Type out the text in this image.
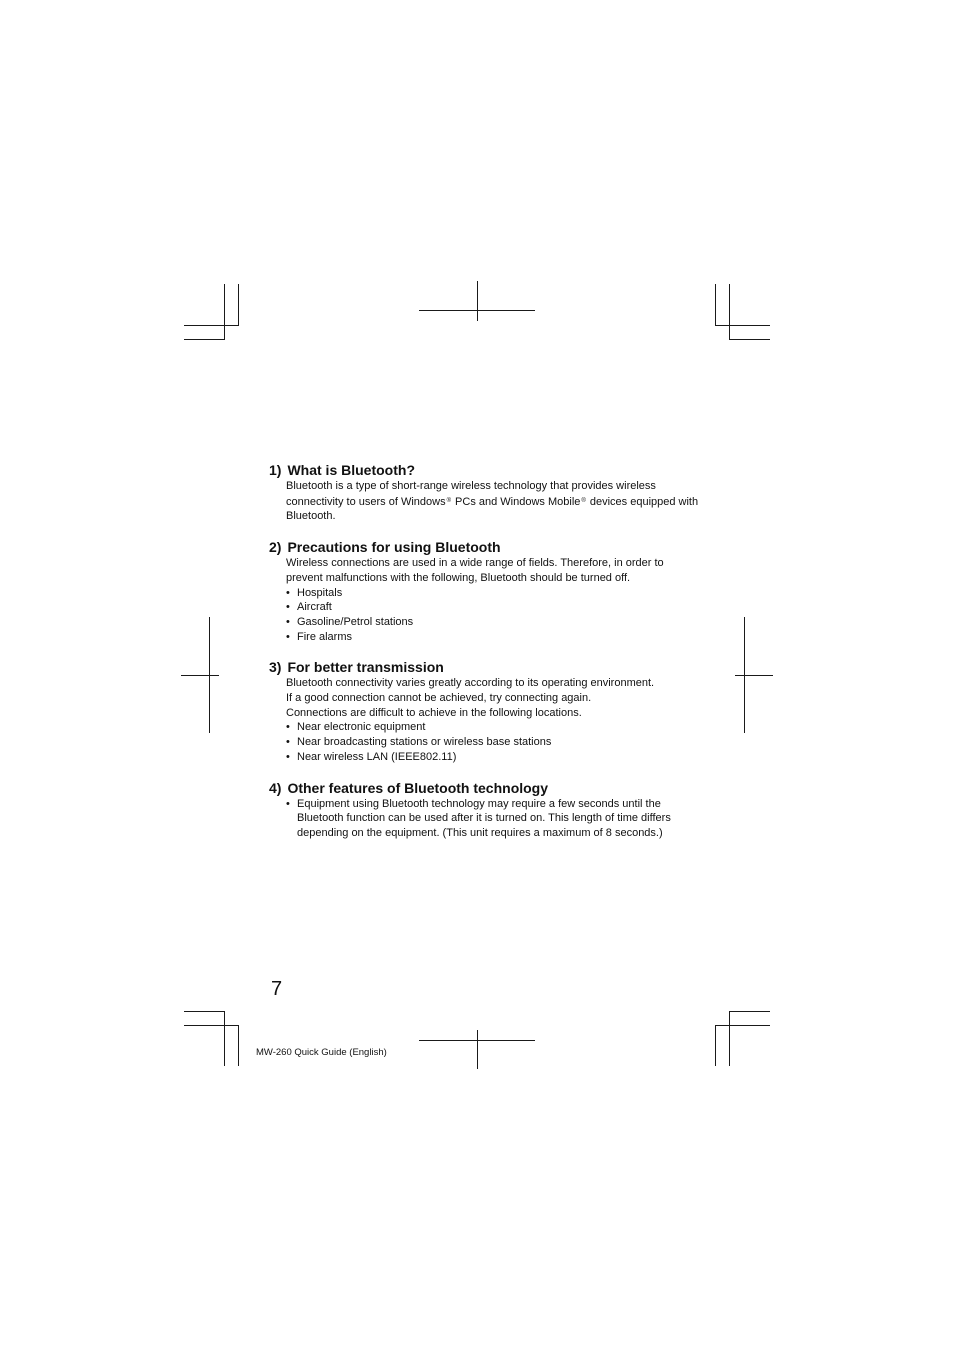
1) What is Bluetooth?

Bluetooth is a type of short-range wireless technology that provides wireless connectivity to users of Windows® PCs and Windows Mobile® devices equipped with Bluetooth.

2) Precautions for using Bluetooth

Wireless connections are used in a wide range of fields. Therefore, in order to prevent malfunctions with the following, Bluetooth should be turned off.

• Hospitals
• Aircraft
• Gasoline/Petrol stations
• Fire alarms
3) For better transmission

Bluetooth connectivity varies greatly according to its operating environment.

If a good connection cannot be achieved, try connecting again.

Connections are difficult to achieve in the following locations.

• Near electronic equipment
• Near broadcasting stations or wireless base stations
• Near wireless LAN (IEEE802.11)
4) Other features of Bluetooth technology
• Equipment using Bluetooth technology may require a few seconds until the Bluetooth function can be used after it is turned on. This length of time differs depending on the equipment. (This unit requires a maximum of 8 seconds.)
7
MW-260 Quick Guide (English)
